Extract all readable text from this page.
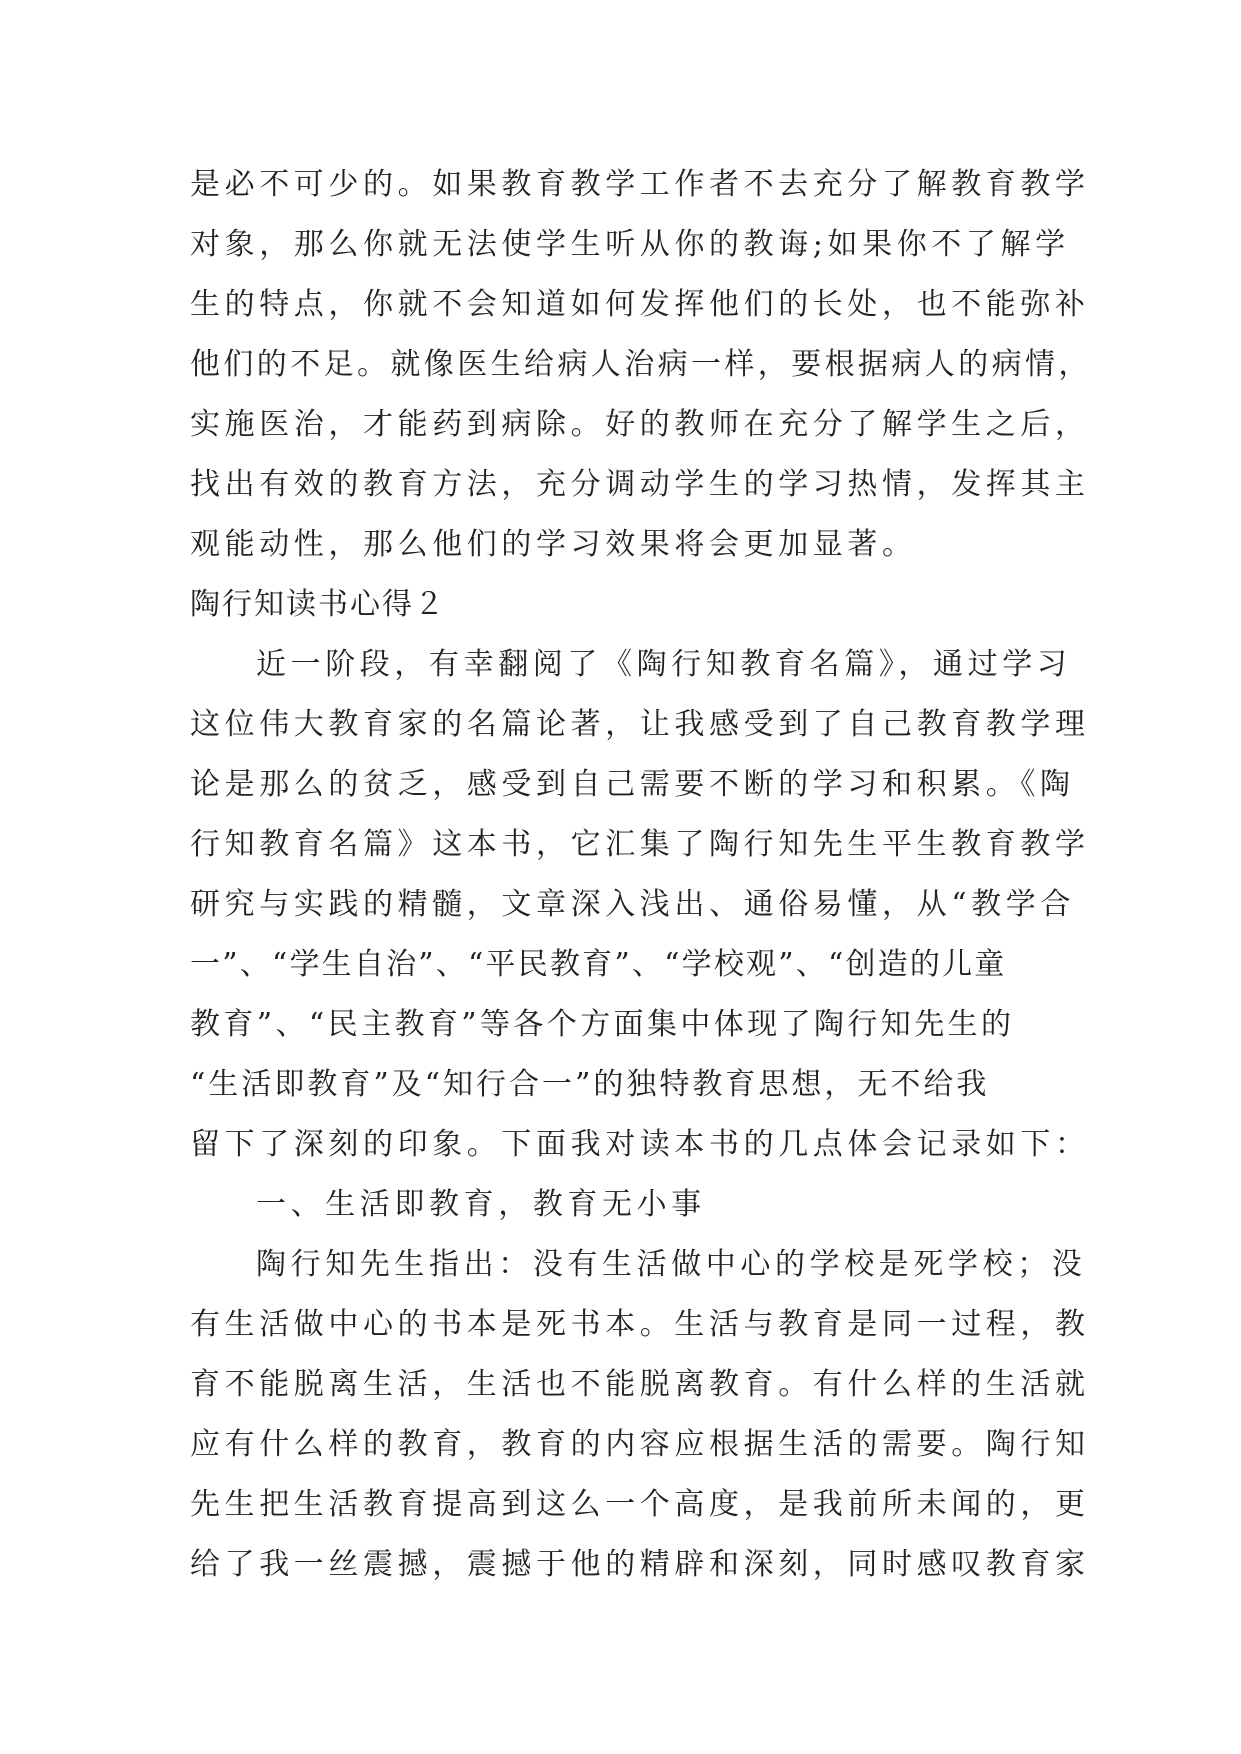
是必不可少的。如果教育教学工作者不去充分了解教育教学
对象，那么你就无法使学生听从你的教诲;如果你不了解学
生的特点，你就不会知道如何发挥他们的长处，也不能弥补
他们的不足。就像医生给病人治病一样，要根据病人的病情，
实施医治，才能药到病除。好的教师在充分了解学生之后，
找出有效的教育方法，充分调动学生的学习热情，发挥其主
观能动性，那么他们的学习效果将会更加显著。
陶行知读书心得２
近一阶段，有幸翻阅了《陶行知教育名篇》，通过学习
这位伟大教育家的名篇论著，让我感受到了自己教育教学理
论是那么的贫乏，感受到自己需要不断的学习和积累。《陶
行知教育名篇》这本书，它汇集了陶行知先生平生教育教学
研究与实践的精髓，文章深入浅出、通俗易懂，从“教学合
一”、“学生自治”、“平民教育”、“学校观”、“创造的儿童
教育”、“民主教育”等各个方面集中体现了陶行知先生的
“生活即教育”及“知行合一”的独特教育思想，无不给我
留下了深刻的印象。下面我对读本书的几点体会记录如下：
一、生活即教育，教育无小事
陶行知先生指出：没有生活做中心的学校是死学校；没
有生活做中心的书本是死书本。生活与教育是同一过程，教
育不能脱离生活，生活也不能脱离教育。有什么样的生活就
应有什么样的教育，教育的内容应根据生活的需要。陶行知
先生把生活教育提高到这么一个高度，是我前所未闻的，更
给了我一丝震撼，震撼于他的精辟和深刻，同时感叹教育家
